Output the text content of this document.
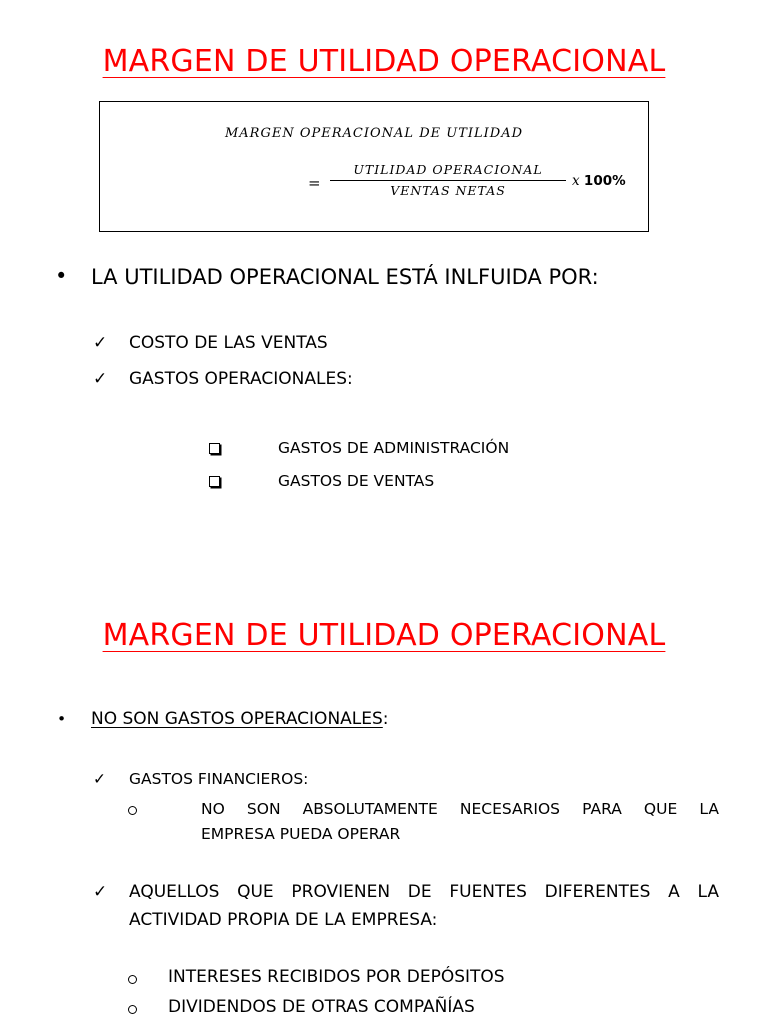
MARGEN DE UTILIDAD OPERACIONAL
MARGEN OPERACIONAL DE UTILIDAD
=
UTILIDAD OPERACIONAL
VENTAS NETAS
x 100%
• LA UTILIDAD OPERACIONAL ESTÁ INLFUIDA POR:
✓ COSTO DE LAS VENTAS
✓ GASTOS OPERACIONALES:
GASTOS DE ADMINISTRACIÓN
GASTOS DE VENTAS
MARGEN DE UTILIDAD OPERACIONAL
• NO SON GASTOS OPERACIONALES:
✓ GASTOS FINANCIEROS:
NO SON ABSOLUTAMENTE NECESARIOS PARA QUE LA
EMPRESA PUEDA OPERAR
✓ AQUELLOS QUE PROVIENEN DE FUENTES DIFERENTES A LA
ACTIVIDAD PROPIA DE LA EMPRESA:
INTERESES RECIBIDOS POR DEPÓSITOS
DIVIDENDOS DE OTRAS COMPAÑÍAS
